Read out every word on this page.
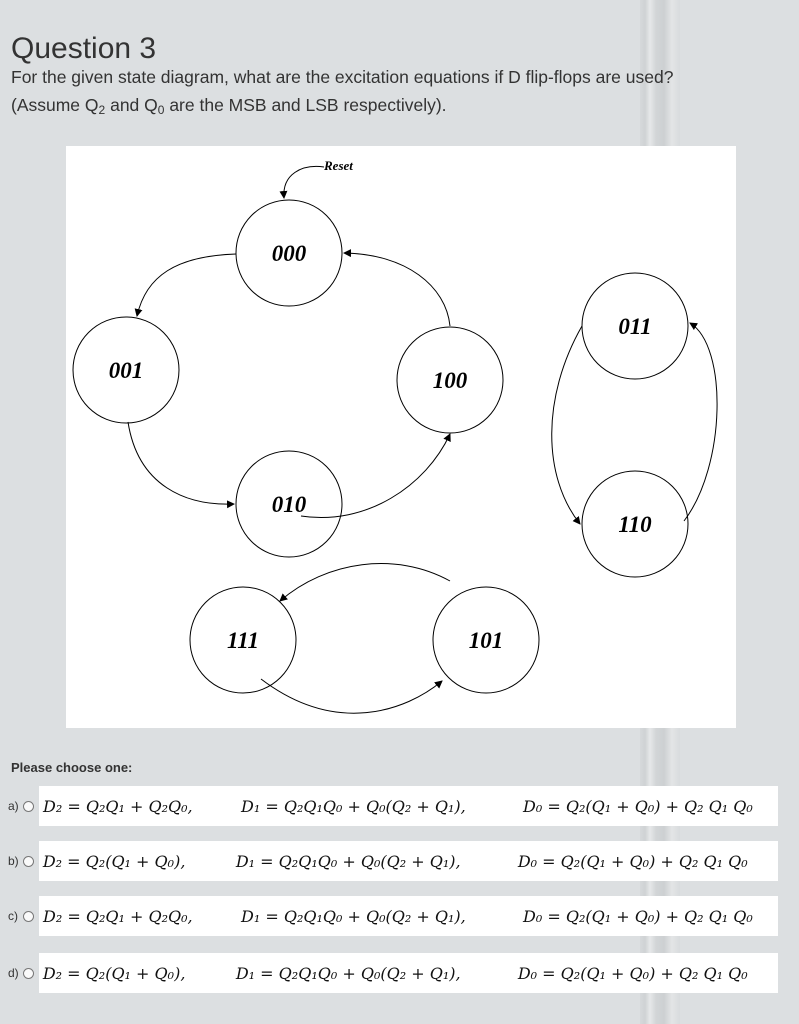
Question 3
For the given state diagram, what are the excitation equations if D flip-flops are used?
(Assume $Q_2$ and $Q_0$ are the MSB and LSB respectively).
Reset
000
001	100
010
011
110
111	101
Please choose one:
a) D₂ = Q₂Q₁ + Q₂Q₀,	D₁ = Q₂Q₁Q₀ + Q₀(Q₂ + Q₁),	D₀ = Q₂(Q₁ + Q₀) + Q₂ Q₁ Q₀
b) D₂ = Q₂(Q₁ + Q₀),	D₁ = Q₂Q₁Q₀ + Q₀(Q₂ + Q₁),	D₀ = Q₂(Q₁ + Q₀) + Q₂ Q₁ Q₀
c)	D₂ = Q₂Q₁ + Q₂Q₀,	D₁ = Q₂Q₁Q₀ + Q₀(Q₂ + Q₁),	D₀ = Q₂(Q₁ + Q₀) + Q₂ Q₁ Q₀
d) D₂ = Q₂(Q₁ + Q₀),	D₁ = Q₂Q₁Q₀ + Q₀(Q₂ + Q₁),	D₀ = Q₂(Q₁ + Q₀) + Q₂ Q₁ Q₀
